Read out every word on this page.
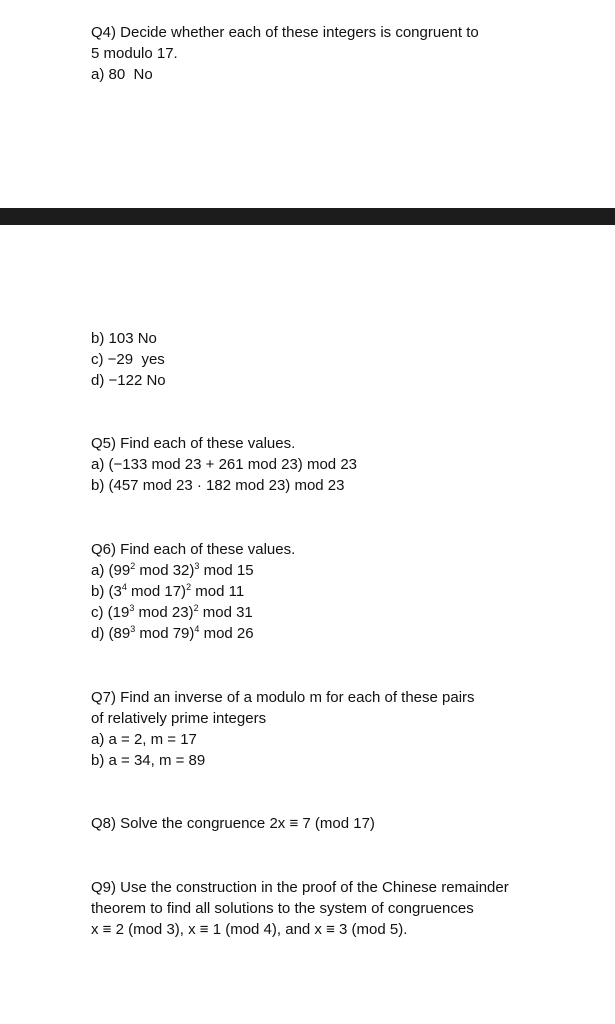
Q4) Decide whether each of these integers is congruent to
5 modulo 17.
a) 80  No
b) 103 No
c) −29  yes
d) −122 No
Q5) Find each of these values.
a) (−133 mod 23 + 261 mod 23) mod 23
b) (457 mod 23 · 182 mod 23) mod 23
Q6) Find each of these values.
a) ($99^2$ mod 32)$^3$ mod 15
b) ($3^4$ mod 17)$^2$ mod 11
c) ($19^3$ mod 23)$^2$ mod 31
d) ($89^3$ mod 79)$^4$ mod 26
Q7) Find an inverse of a modulo m for each of these pairs
of relatively prime integers
a) a = 2, m = 17
b) a = 34, m = 89
Q8) Solve the congruence 2x ≡ 7 (mod 17)
Q9) Use the construction in the proof of the Chinese remainder
theorem to find all solutions to the system of congruences
x ≡ 2 (mod 3), x ≡ 1 (mod 4), and x ≡ 3 (mod 5).
